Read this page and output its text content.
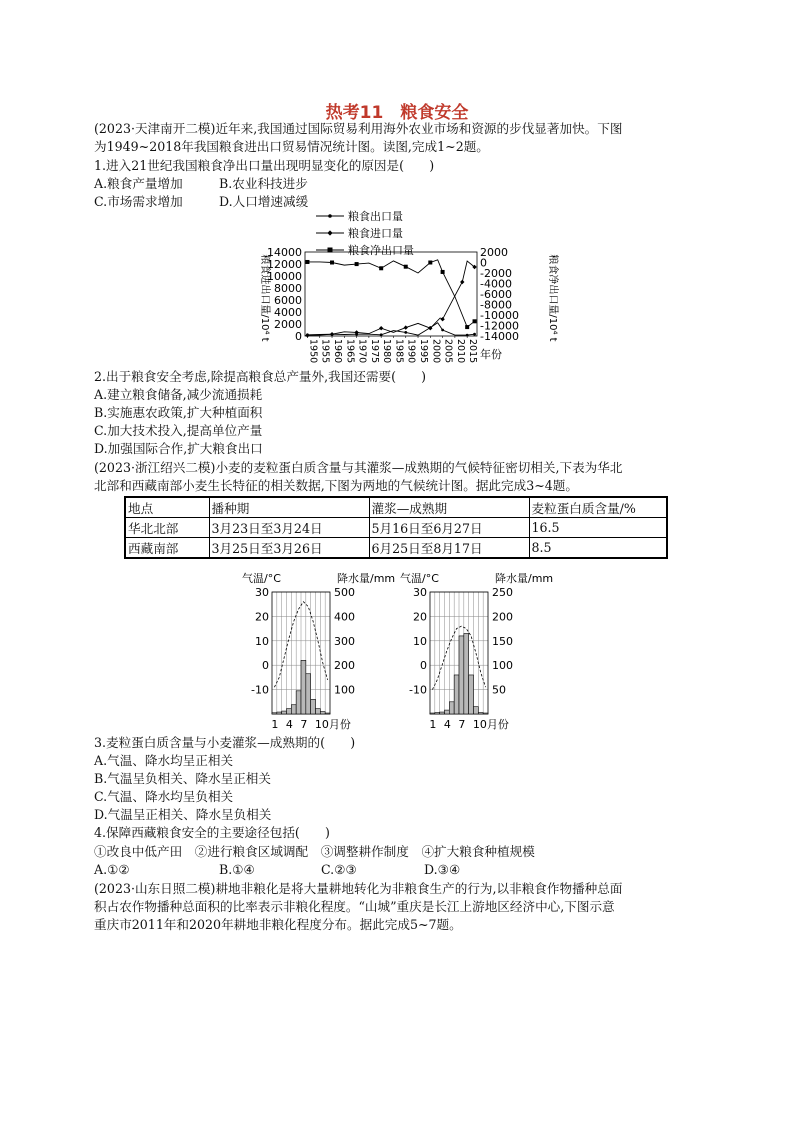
热考11　粮食安全
(2023·天津南开二模)近年来,我国通过国际贸易利用海外农业市场和资源的步伐显著加快。下图
为1949~2018年我国粮食进出口贸易情况统计图。读图,完成1~2题。
1.进入21世纪我国粮食净出口量出现明显变化的原因是(　　)
A.粮食产量增加	B.农业科技进步
C.市场需求增加	D.人口增速减缓
粮食出口量
粮食进口量
粮食净出口量
粮食进出口量/10⁴ t	粮食净出口量/10⁴ t
年份
14000
12000
10000
8000
6000
4000
2000
0
2000
0
-2000
-4000
-6000
-8000
-10000
-12000
-14000
1950 1955 1960 1965 1970 1975 1980 1985 1990 1995 2000 2005 2010 2015
2.出于粮食安全考虑,除提高粮食总产量外,我国还需要(　　)
A.建立粮食储备,减少流通损耗
B.实施惠农政策,扩大种植面积
C.加大技术投入,提高单位产量
D.加强国际合作,扩大粮食出口
(2023·浙江绍兴二模)小麦的麦粒蛋白质含量与其灌浆—成熟期的气候特征密切相关,下表为华北
北部和西藏南部小麦生长特征的相关数据,下图为两地的气候统计图。据此完成3~4题。
地点	播种期	灌浆—成熟期	麦粒蛋白质含量/%
华北北部	3月23日至3月24日	5月16日至6月27日	16.5
西藏南部	3月25日至3月26日	6月25日至8月17日	8.5
气温/°C	降水量/mm
30
20
10
0
-10
500
400
300
200
100
1 4 7 10月份
气温/°C	降水量/mm
30
20
10
0
-10
250
200
150
100
50
1 4 7 10月份
3.麦粒蛋白质含量与小麦灌浆—成熟期的(　　)
A.气温、降水均呈正相关
B.气温呈负相关、降水呈正相关
C.气温、降水均呈负相关
D.气温呈正相关、降水呈负相关
4.保障西藏粮食安全的主要途径包括(　　)
①改良中低产田　②进行粮食区域调配　③调整耕作制度　④扩大粮食种植规模
A.①②	B.①④	C.②③	D.③④
(2023·山东日照二模)耕地非粮化是将大量耕地转化为非粮食生产的行为,以非粮食作物播种总面
积占农作物播种总面积的比率表示非粮化程度。“山城”重庆是长江上游地区经济中心,下图示意
重庆市2011年和2020年耕地非粮化程度分布。据此完成5~7题。
